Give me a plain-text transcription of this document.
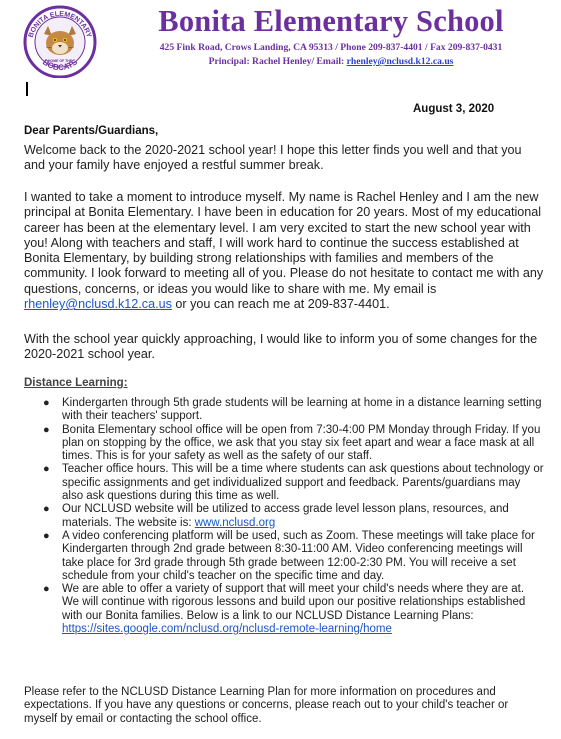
BONITA ELEMENTARY
BOBCATS
HOME OF THE
Bonita Elementary School
425 Fink Road, Crows Landing, CA 95313 / Phone 209-837-4401 / Fax 209-837-0431
Principal: Rachel Henley/ Email: rhenley@nclusd.k12.ca.us
August 3, 2020
Dear Parents/Guardians,

Welcome back to the 2020-2021 school year! I hope this letter finds you well and that you and your family have enjoyed a restful summer break.

I wanted to take a moment to introduce myself. My name is Rachel Henley and I am the new principal at Bonita Elementary. I have been in education for 20 years. Most of my educational career has been at the elementary level. I am very excited to start the new school year with you! Along with teachers and staff, I will work hard to continue the success established at Bonita Elementary, by building strong relationships with families and members of the community. I look forward to meeting all of you. Please do not hesitate to contact me with any questions, concerns, or ideas you would like to share with me. My email is rhenley@nclusd.k12.ca.us or you can reach me at 209-837-4401.

With the school year quickly approaching, I would like to inform you of some changes for the 2020-2021 school year.

Distance Learning:
● Kindergarten through 5th grade students will be learning at home in a distance learning setting with their teachers' support.
● Bonita Elementary school office will be open from 7:30-4:00 PM Monday through Friday. If you plan on stopping by the office, we ask that you stay six feet apart and wear a face mask at all times. This is for your safety as well as the safety of our staff.
● Teacher office hours. This will be a time where students can ask questions about technology or specific assignments and get individualized support and feedback. Parents/guardians may also ask questions during this time as well.
● Our NCLUSD website will be utilized to access grade level lesson plans, resources, and materials. The website is: www.nclusd.org
● A video conferencing platform will be used, such as Zoom. These meetings will take place for Kindergarten through 2nd grade between 8:30-11:00 AM. Video conferencing meetings will take place for 3rd grade through 5th grade between 12:00-2:30 PM. You will receive a set schedule from your child's teacher on the specific time and day.
● We are able to offer a variety of support that will meet your child's needs where they are at. We will continue with rigorous lessons and build upon our positive relationships established with our Bonita families. Below is a link to our NCLUSD Distance Learning Plans: https://sites.google.com/nclusd.org/nclusd-remote-learning/home

Please refer to the NCLUSD Distance Learning Plan for more information on procedures and expectations. If you have any questions or concerns, please reach out to your child's teacher or myself by email or contacting the school office.
